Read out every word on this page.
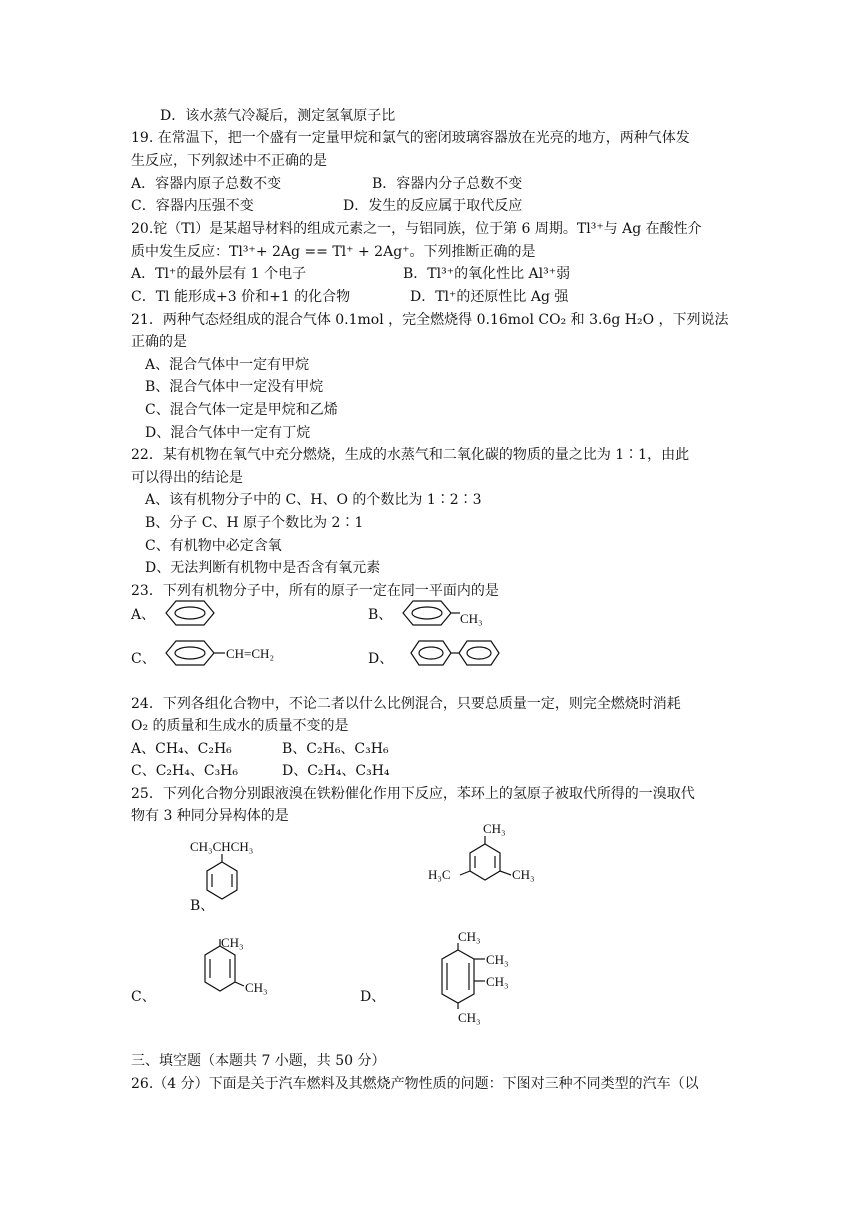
D．该水蒸气冷凝后，测定氢氧原子比
19. 在常温下，把一个盛有一定量甲烷和氯气的密闭玻璃容器放在光亮的地方，两种气体发
生反应，下列叙述中不正确的是
A．容器内原子总数不变	B．容器内分子总数不变
C．容器内压强不变	D．发生的反应属于取代反应
20.铊（Tl）是某超导材料的组成元素之一，与铝同族，位于第 6 周期。Tl³⁺与 Ag 在酸性介
质中发生反应：Tl³⁺+ 2Ag == Tl⁺ + 2Ag⁺。下列推断正确的是
A．Tl⁺的最外层有 1 个电子	B．Tl³⁺的氧化性比 Al³⁺弱
C．Tl 能形成+3 价和+1 的化合物	D．Tl⁺的还原性比 Ag 强
21．两种气态烃组成的混合气体 0.1mol ，完全燃烧得 0.16mol CO₂ 和 3.6g H₂O ，下列说法
正确的是
A、混合气体中一定有甲烷
B、混合气体中一定没有甲烷
C、混合气体一定是甲烷和乙烯
D、混合气体中一定有丁烷
22．某有机物在氧气中充分燃烧，生成的水蒸气和二氧化碳的物质的量之比为 1∶1，由此
可以得出的结论是
A、该有机物分子中的 C、H、O 的个数比为 1∶2∶3
B、分子 C、H 原子个数比为 2∶1
C、有机物中必定含氧
D、无法判断有机物中是否含有氧元素
23．下列有机物分子中，所有的原子一定在同一平面内的是
A、	B、
C、	D、
CH₃
CH=CH₂
24．下列各组化合物中，不论二者以什么比例混合，只要总质量一定，则完全燃烧时消耗
O₂ 的质量和生成水的质量不变的是
A、CH₄、C₂H₆	B、C₂H₆、C₃H₆
C、C₂H₄、C₃H₆	D、C₂H₄、C₃H₄
25．下列化合物分别跟液溴在铁粉催化作用下反应，苯环上的氢原子被取代所得的一溴取代
物有 3 种同分异构体的是
CH₃CHCH₃
B、
CH₃
H₃C	CH₃
C、
CH₃
CH₃
D、
CH₃
CH₃
CH₃
CH₃
三、填空题（本题共 7 小题，共 50 分）
26.（4 分）下面是关于汽车燃料及其燃烧产物性质的问题：下图对三种不同类型的汽车（以
